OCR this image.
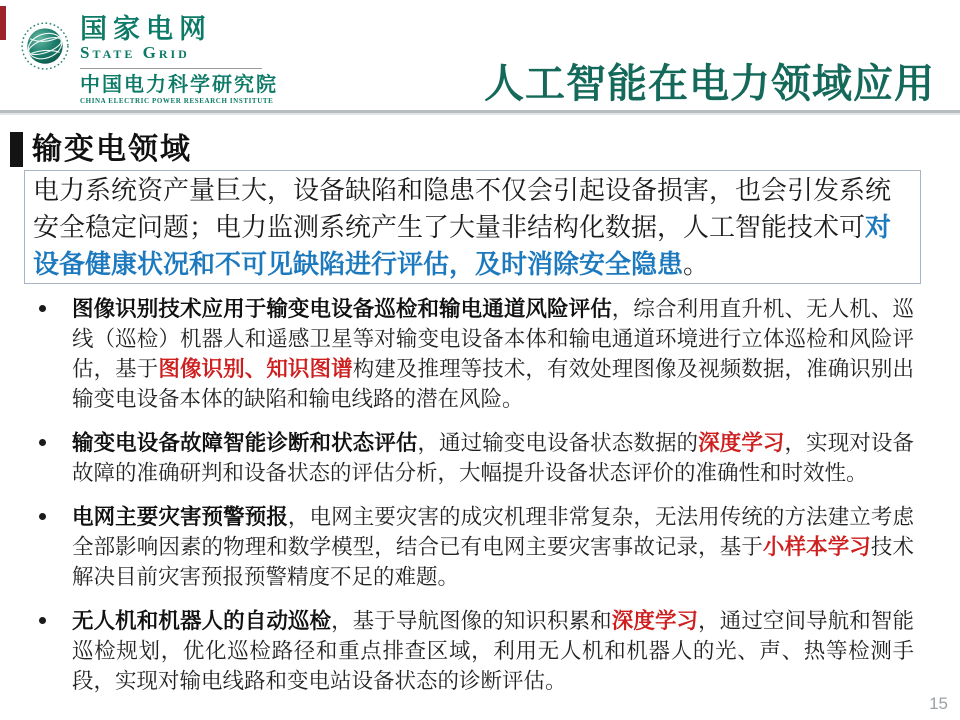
国家电网
State Grid
中国电力科学研究院
CHINA ELECTRIC POWER RESEARCH INSTITUTE	人工智能在电力领域应用
输变电领域
电力系统资产量巨大，设备缺陷和隐患不仅会引起设备损害，也会引发系统
安全稳定问题；电力监测系统产生了大量非结构化数据，人工智能技术可对
设备健康状况和不可见缺陷进行评估，及时消除安全隐患。
图像识别技术应用于输变电设备巡检和输电通道风险评估，综合利用直升机、无人机、巡线（巡检）机器人和遥感卫星等对输变电设备本体和输电通道环境进行立体巡检和风险评估，基于图像识别、知识图谱构建及推理等技术，有效处理图像及视频数据，准确识别出输变电设备本体的缺陷和输电线路的潜在风险。
输变电设备故障智能诊断和状态评估，通过输变电设备状态数据的深度学习，实现对设备故障的准确研判和设备状态的评估分析，大幅提升设备状态评价的准确性和时效性。
电网主要灾害预警预报，电网主要灾害的成灾机理非常复杂，无法用传统的方法建立考虑全部影响因素的物理和数学模型，结合已有电网主要灾害事故记录，基于小样本学习技术解决目前灾害预报预警精度不足的难题。
无人机和机器人的自动巡检，基于导航图像的知识积累和深度学习，通过空间导航和智能巡检规划，优化巡检路径和重点排查区域，利用无人机和机器人的光、声、热等检测手段，实现对输电线路和变电站设备状态的诊断评估。
15
